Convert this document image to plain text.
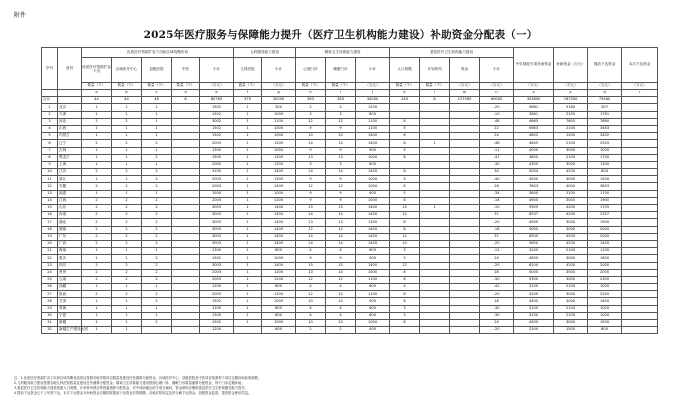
附件
2025年医疗服务与保障能力提升（医疗卫生机构能力建设）补助资金分配表（一）
序号	省份	优质医疗资源扩容下沉和区域均衡布局					儿科服务能力建设		精神卫生体系能力建设			基层医疗卫生机构能力建设				中央财政专项补助资金	补助资金（万元）	提前下达资金	本次下达资金
		优质医疗资源扩容下沉	区域医疗中心	县级医院	中医	小计	儿科医院	小计	心理门诊	睡眠门诊	小计	人口规模	计划单列	资金	小计				
		数量（个）	数量（个）	数量（个）	数量（个）	（万元）	数量（个）	（万元）	数量（个）	数量（个）	（万元）	数量（个）	数量（个）	（万元）	（万元）	（万元）	（万元）	（万元）	（万元）
		a	b	c	d	e	f	g	h	i	j	k	l	m	n	o	p	q	r
合计		44	44	48	8	60760	379	35000	363	363	34000	249	8	127560	60000	303800	167300	79480	
1	北京	1	1	1		1502	1	300	2	2	1200				-20	5861	5180	307	
2	天津	1	1	1		1502	1	1000	3	3	800				-10	3861	2100	1761	
3	河北	2	2	1		3002	1	1100	12	12	1100	8			-48	4665	7605	7680	
4	山西	1	1	1		1502	1	1000	9	9	1100	5			22	5663	2100	3463	
5	内蒙古	1	1	2		1502	1	1000	10	10	1400	6			24	4602	1200	3402	
6	辽宁	2	2	2		2003	1	1200	14	14	1400	8	1		-48	4645	2100	2545	
7	吉林	1	1	1		1300	1	1000	9	9	900	5			-11	4000	3000	1000	
8	黑龙江	1	1	2		1500	1	1200	13	13	1000	6			-41	3800	2100	1700	
9	上海	1	1	1		2000	1	1200	3	3	800				-30	4300	3000	1300	
10	江苏	2	2	2		3100	1	1400	14	14	1400	8			34	5004	4200	804	
11	浙江	1	1	2		2003	1	1200	9	9	1000	5			-40	4500	3000	1500	
12	安徽	2	2	2		2003	1	1400	12	12	1000	8			28	7603	4000	3603	
13	福建	1	1	1		1500	1	1000	9	9	900	5			-34	3800	2100	1700	
14	江西	2	2	2		2003	1	1200	9	9	1000	6			-18	4900	3000	1900	
15	山东	2	2	2		3003	1	1400	15	15	1400	10	1		-10	5905	4200	1705	
16	河南	2	2	2		3003	1	1400	14	14	1400	12			37	6537	4200	2337	
17	湖北	2	2	2		3003	1	1400	13	13	1300	8			-20	4900	3000	1900	
18	湖南	2	2	2		3003	1	1400	12	12	1400	8			-18	5000	3000	2000	
19	广东	2	2	2		3003	1	1400	14	14	1400	12			37	6500	4500	2000	
20	广西	2	2	2		3003	1	1400	14	14	1400	10			-20	5600	4200	1400	
21	海南	1	1	1		1300	1	800	4	4	600	3			-12	3200	2100	1100	
22	重庆	1	1	2		1502	1	1000	9	9	900	5			24	4600	3000	1600	
23	四川	2	2	2		3003	1	1400	15	15	1400	12			-20	6200	4200	2000	
24	贵州	2	2	2		2003	1	1200	10	10	1000	8			28	5000	3000	2000	
25	云南	2	2	2		2003	1	1200	12	12	1100	8			-30	5300	3000	2300	
26	西藏	1	1	1		1200	1	800	4	4	600	4			-42	3100	2100	1000	
27	陕西	2	2	2		2003	1	1200	12	12	1100	8			-20	5200	3000	2200	
28	甘肃	1	1	2		1502	1	1000	10	10	900	6			18	4400	3000	1400	
29	青海	1	1	1		1300	1	800	4	4	600	3			-30	3100	2100	1000	
30	宁夏	1	1	1		1300	1	800	4	4	600	3			-30	3100	2100	1000	
31	新疆	1	1	2		1502	1	1000	10	10	1000	6			24	4500	3000	1500	
32	新疆生产建设兵团	1	1			1200		600	2	2	400				-20	2300	1500	800	
注：1.优质医疗资源扩容下沉和区域均衡布局项目按照各地申报项目数量及建设任务测算分配资金，区域医疗中心、县级医院及中医项目按照每个项目定额补助标准测算。
2.儿科服务能力建设按照各地儿科医院数量及建设任务测算分配资金；精神卫生体系能力建设按照心理门诊、睡眠门诊数量测算分配资金，每个门诊定额补助。
3.基层医疗卫生机构能力建设按照人口规模、计划单列情况等因素测算分配资金，对中西部地区给予适当倾斜，资金使用应聚焦基层医疗卫生机构服务能力提升。
4.提前下达资金已于上年度下达，本次下达资金为补助资金总额扣除提前下达资金后的数额，各地应按规定及时分解下达资金，加强资金监管，提高资金使用效益。
